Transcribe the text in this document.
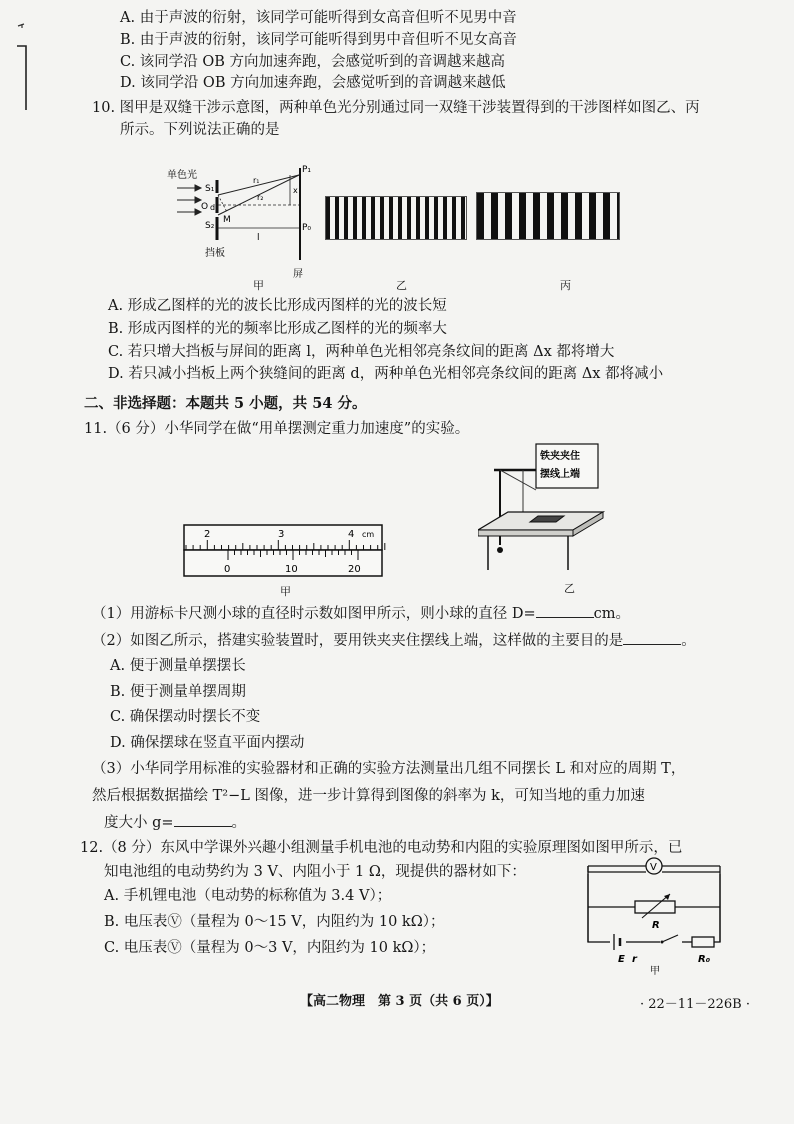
A. 由于声波的衍射，该同学可能听得到女高音但听不见男中音
B. 由于声波的衍射，该同学可能听得到男中音但听不见女高音
C. 该同学沿 OB 方向加速奔跑，会感觉听到的音调越来越高
D. 该同学沿 OB 方向加速奔跑，会感觉听到的音调越来越低
10. 图甲是双缝干涉示意图，两种单色光分别通过同一双缝干涉装置得到的干涉图样如图乙、丙
所示。下列说法正确的是
单色光
S₁
S₂
O d
M
r₁
r₂
P₁
P₀
x
l
挡板
屏
甲	乙	丙
A. 形成乙图样的光的波长比形成丙图样的光的波长短
B. 形成丙图样的光的频率比形成乙图样的光的频率大
C. 若只增大挡板与屏间的距离 l，两种单色光相邻亮条纹间的距离 Δx 都将增大
D. 若只减小挡板上两个狭缝间的距离 d，两种单色光相邻亮条纹间的距离 Δx 都将减小
二、非选择题：本题共 5 小题，共 54 分。
11.（6 分）小华同学在做“用单摆测定重力加速度”的实验。
2	3	4 cm
0	10	20
甲
铁夹夹住
摆线上端
乙
（1）用游标卡尺测小球的直径时示数如图甲所示，则小球的直径 D=	cm。
（2）如图乙所示，搭建实验装置时，要用铁夹夹住摆线上端，这样做的主要目的是	。
A. 便于测量单摆摆长
B. 便于测量单摆周期
C. 确保摆动时摆长不变
D. 确保摆球在竖直平面内摆动
（3）小华同学用标准的实验器材和正确的实验方法测量出几组不同摆长 L 和对应的周期 T，
然后根据数据描绘 T²−L 图像，进一步计算得到图像的斜率为 k，可知当地的重力加速
度大小 g=	。
12.（8 分）东风中学课外兴趣小组测量手机电池的电动势和内阻的实验原理图如图甲所示，已
知电池组的电动势约为 3 V、内阻小于 1 Ω，现提供的器材如下：
A. 手机锂电池（电动势的标称值为 3.4 V）；
B. 电压表Ⓥ（量程为 0～15 V，内阻约为 10 kΩ）；
C. 电压表Ⓥ（量程为 0～3 V，内阻约为 10 kΩ）；
V
R
E r	R₀
甲
【高二物理　第 3 页（共 6 页）】	· 22－11－226B ·
